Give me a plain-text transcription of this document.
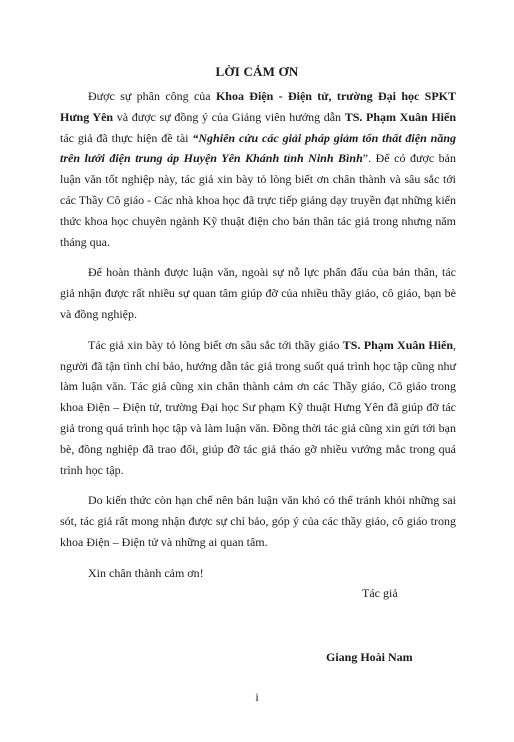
LỜI CẢM ƠN

Được sự phân công của Khoa Điện - Điện tử, trường Đại học SPKT Hưng Yên và được sự đồng ý của Giảng viên hướng dẫn TS. Phạm Xuân Hiển tác giả đã thực hiện đề tài “Nghiên cứu các giải pháp giảm tổn thất điện năng trên lưới điện trung áp Huyện Yên Khánh tỉnh Ninh Bình”. Để có được bản luận văn tốt nghiệp này, tác giả xin bày tỏ lòng biết ơn chân thành và sâu sắc tới các Thầy Cô giáo - Các nhà khoa học đã trực tiếp giảng dạy truyền đạt những kiến thức khoa học chuyên ngành Kỹ thuật điện cho bản thân tác giả trong nhưng năm tháng qua.

Để hoàn thành được luận văn, ngoài sự nỗ lực phấn đấu của bản thân, tác giả nhận được rất nhiều sự quan tâm giúp đỡ của nhiều thầy giáo, cô giáo, bạn bè và đồng nghiệp.

Tác giả xin bày tỏ lòng biết ơn sâu sắc tới thầy giáo TS. Phạm Xuân Hiển, người đã tận tình chỉ bảo, hướng dẫn tác giả trong suốt quá trình học tập cũng như làm luận văn. Tác giả cũng xin chân thành cảm ơn các Thầy giáo, Cô giáo trong khoa Điện – Điện tử, trường Đại học Sư phạm Kỹ thuật Hưng Yên đã giúp đỡ tác giả trong quá trình học tập và làm luận văn. Đồng thời tác giả cũng xin gửi tới bạn bè, đồng nghiệp đã trao đổi, giúp đỡ tác giả tháo gỡ nhiều vướng mắc trong quá trình học tập.

Do kiến thức còn hạn chế nên bản luận văn khó có thể tránh khỏi những sai sót, tác giả rất mong nhận được sự chỉ bảo, góp ý của các thầy giáo, cô giáo trong khoa Điện – Điện tử và những ai quan tâm.

Xin chân thành cảm ơn!

Tác giả
Giang Hoài Nam
i
